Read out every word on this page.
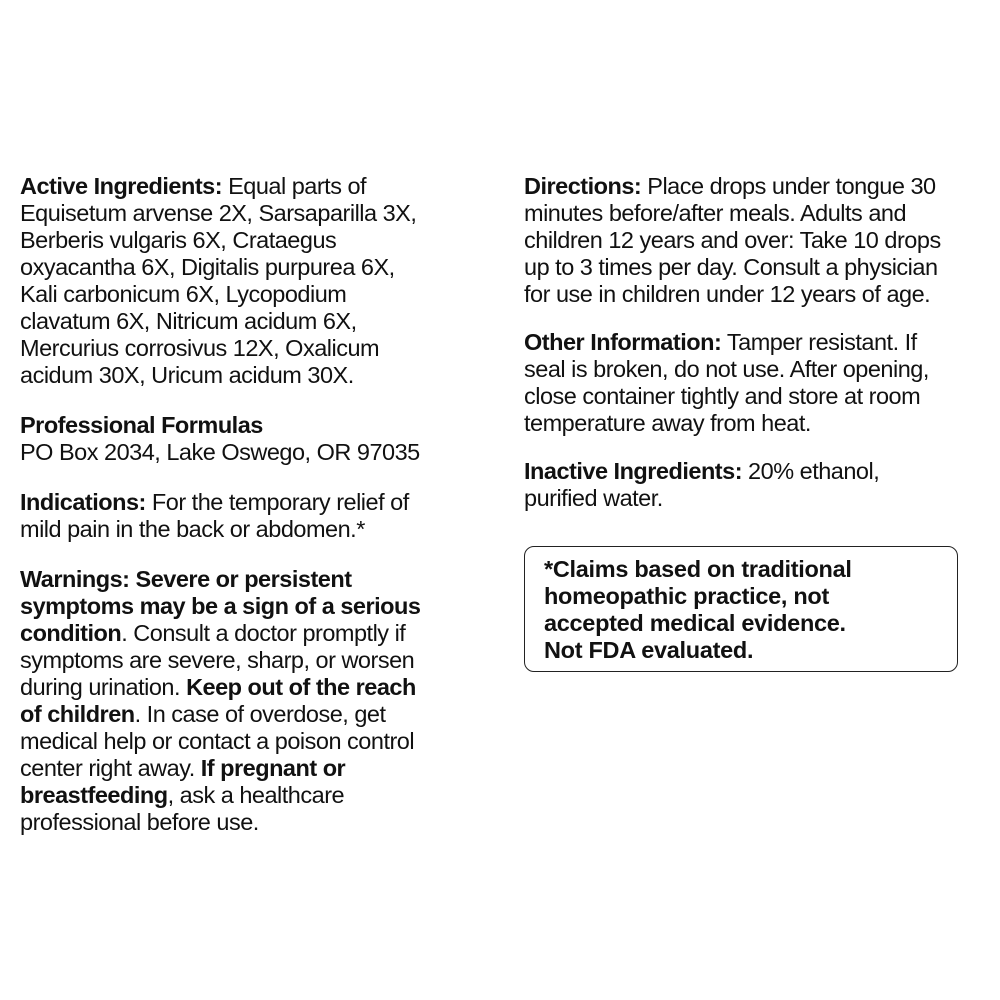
Active Ingredients: Equal parts of
Equisetum arvense 2X, Sarsaparilla 3X,
Berberis vulgaris 6X, Crataegus
oxyacantha 6X, Digitalis purpurea 6X,
Kali carbonicum 6X, Lycopodium
clavatum 6X, Nitricum acidum 6X,
Mercurius corrosivus 12X, Oxalicum
acidum 30X, Uricum acidum 30X.

Professional Formulas
PO Box 2034, Lake Oswego, OR 97035

Indications: For the temporary relief of
mild pain in the back or abdomen.*

Warnings: Severe or persistent
symptoms may be a sign of a serious
condition. Consult a doctor promptly if
symptoms are severe, sharp, or worsen
during urination. Keep out of the reach
of children. In case of overdose, get
medical help or contact a poison control
center right away. If pregnant or
breastfeeding, ask a healthcare
professional before use.

Directions: Place drops under tongue 30
minutes before/after meals. Adults and
children 12 years and over: Take 10 drops
up to 3 times per day. Consult a physician
for use in children under 12 years of age.

Other Information: Tamper resistant. If
seal is broken, do not use. After opening,
close container tightly and store at room
temperature away from heat.

Inactive Ingredients: 20% ethanol,
purified water.

*Claims based on traditional
homeopathic practice, not
accepted medical evidence.
Not FDA evaluated.
